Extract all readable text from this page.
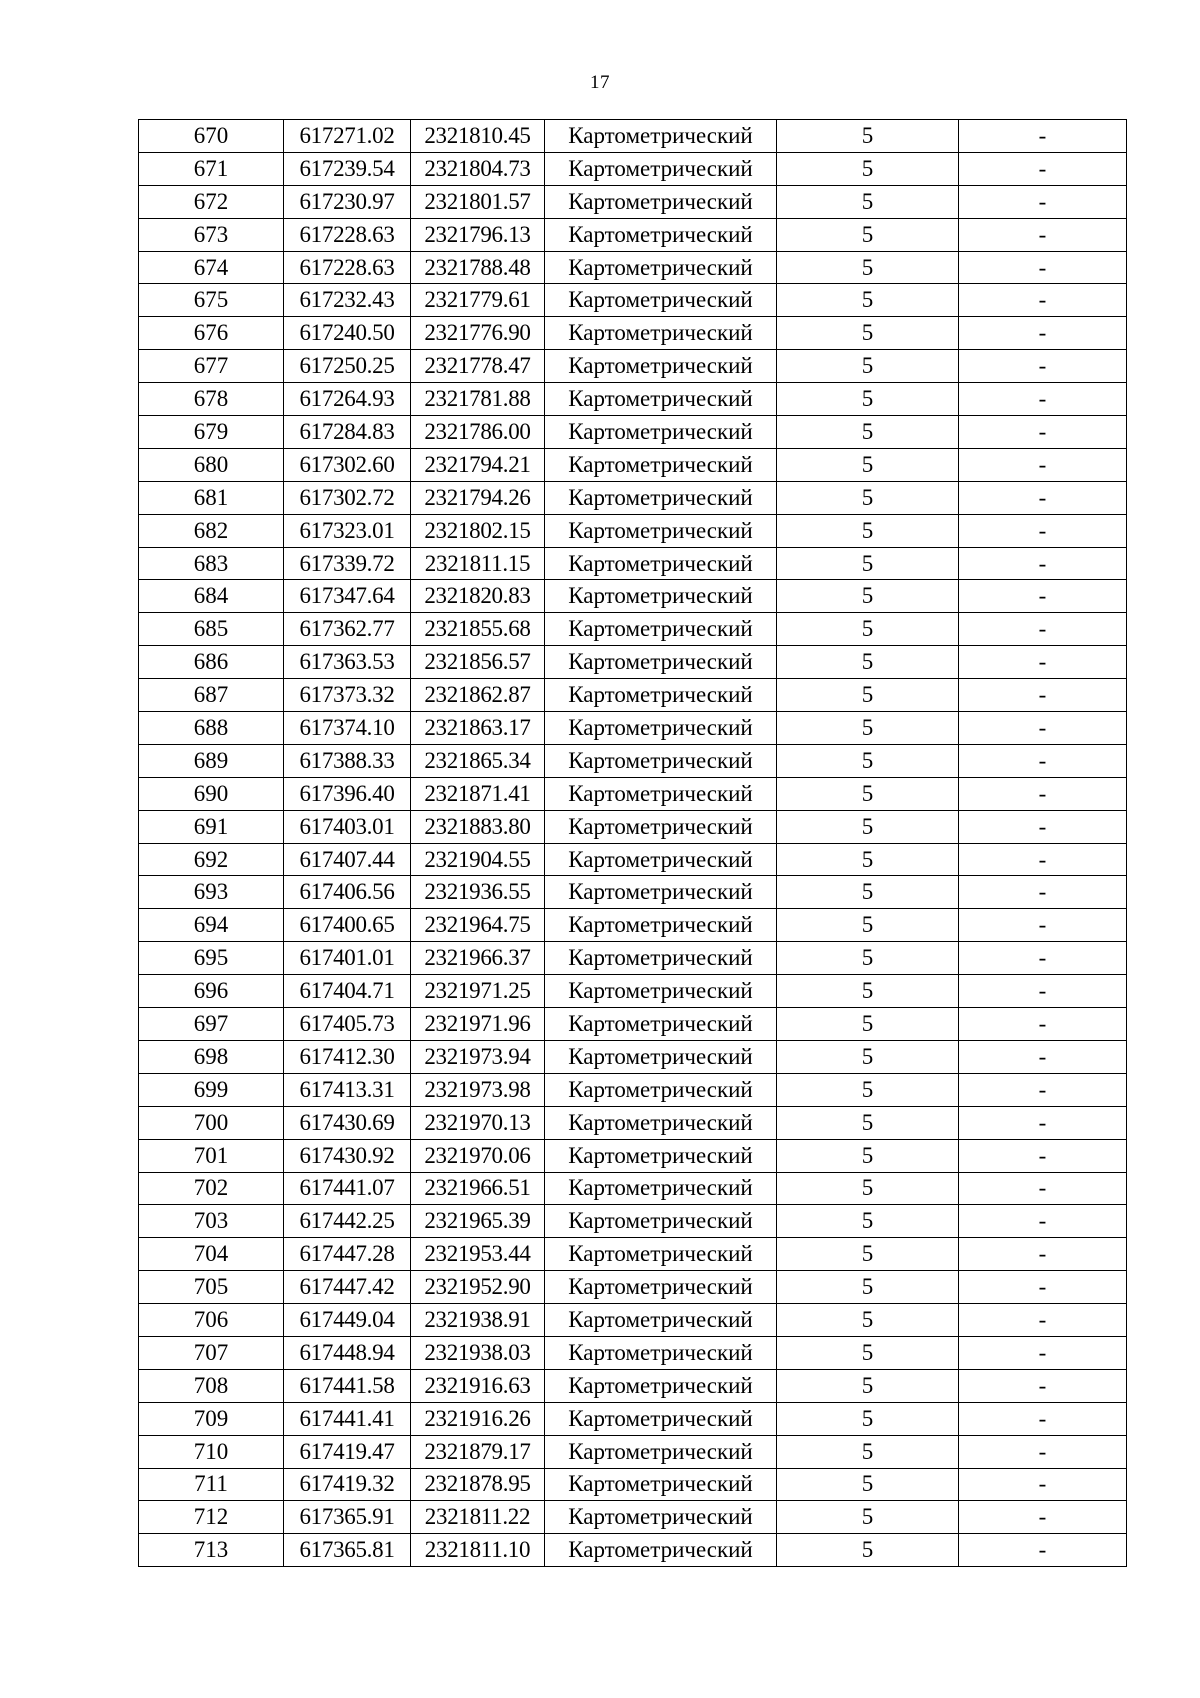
17
670	617271.02	2321810.45	Картометрический	5	-
671	617239.54	2321804.73	Картометрический	5	-
672	617230.97	2321801.57	Картометрический	5	-
673	617228.63	2321796.13	Картометрический	5	-
674	617228.63	2321788.48	Картометрический	5	-
675	617232.43	2321779.61	Картометрический	5	-
676	617240.50	2321776.90	Картометрический	5	-
677	617250.25	2321778.47	Картометрический	5	-
678	617264.93	2321781.88	Картометрический	5	-
679	617284.83	2321786.00	Картометрический	5	-
680	617302.60	2321794.21	Картометрический	5	-
681	617302.72	2321794.26	Картометрический	5	-
682	617323.01	2321802.15	Картометрический	5	-
683	617339.72	2321811.15	Картометрический	5	-
684	617347.64	2321820.83	Картометрический	5	-
685	617362.77	2321855.68	Картометрический	5	-
686	617363.53	2321856.57	Картометрический	5	-
687	617373.32	2321862.87	Картометрический	5	-
688	617374.10	2321863.17	Картометрический	5	-
689	617388.33	2321865.34	Картометрический	5	-
690	617396.40	2321871.41	Картометрический	5	-
691	617403.01	2321883.80	Картометрический	5	-
692	617407.44	2321904.55	Картометрический	5	-
693	617406.56	2321936.55	Картометрический	5	-
694	617400.65	2321964.75	Картометрический	5	-
695	617401.01	2321966.37	Картометрический	5	-
696	617404.71	2321971.25	Картометрический	5	-
697	617405.73	2321971.96	Картометрический	5	-
698	617412.30	2321973.94	Картометрический	5	-
699	617413.31	2321973.98	Картометрический	5	-
700	617430.69	2321970.13	Картометрический	5	-
701	617430.92	2321970.06	Картометрический	5	-
702	617441.07	2321966.51	Картометрический	5	-
703	617442.25	2321965.39	Картометрический	5	-
704	617447.28	2321953.44	Картометрический	5	-
705	617447.42	2321952.90	Картометрический	5	-
706	617449.04	2321938.91	Картометрический	5	-
707	617448.94	2321938.03	Картометрический	5	-
708	617441.58	2321916.63	Картометрический	5	-
709	617441.41	2321916.26	Картометрический	5	-
710	617419.47	2321879.17	Картометрический	5	-
711	617419.32	2321878.95	Картометрический	5	-
712	617365.91	2321811.22	Картометрический	5	-
713	617365.81	2321811.10	Картометрический	5	-
